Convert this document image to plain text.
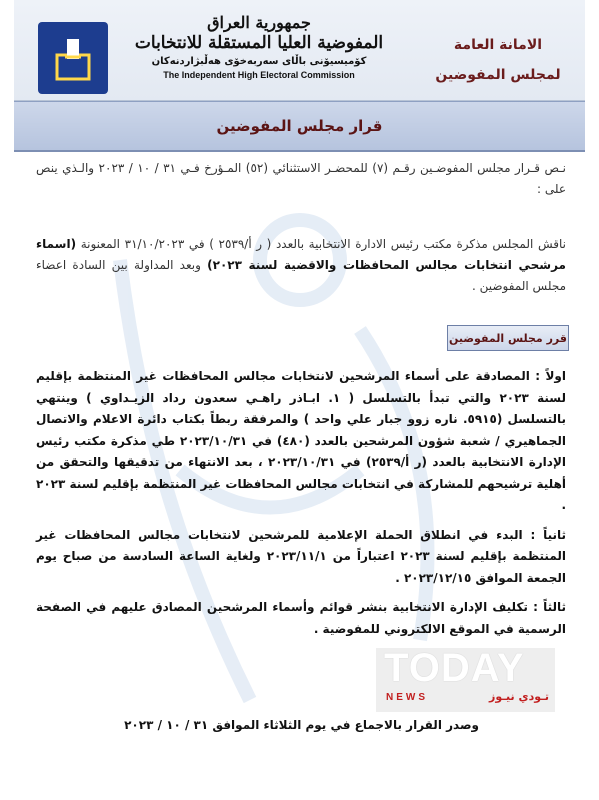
جمهورية العراق
المفوضية العليا المستقلة للانتخابات
کۆمیسیۆنی باڵای سەربەخۆی هەڵبژاردنەکان
The Independent High Electoral Commission
الامانة العامة
لمجلس المفوضين
قرار مجلس المفوضين
نـص قـرار مجلس المفوضـين رقـم (٧) للمحضـر الاستثنائي (٥٢) المـؤرخ فـي ٣١ / ١٠ / ٢٠٢٣ والـذي ينص على :
ناقش المجلس مذكرة مكتب رئيس الادارة الانتخابية بالعدد ( ر أ/٢٥٣٩ ) في ٣١/١٠/٢٠٢٣ المعنونة (اسماء مرشحي انتخابات مجالس المحافظات والاقضية لسنة ٢٠٢٣) وبعد المداولة بين السادة اعضاء مجلس المفوضين .
قرر مجلس المفوضين

اولاً : المصادقة على أسماء المرشحين لانتخابات مجالس المحافظات غير المنتظمة بإقليم لسنة ٢٠٢٣ والتي تبدأ بالتسلسل ( ١. ابـاذر راهـي سعدون رداد الزيـداوي ) وينتهي بالتسلسل (٥٩١٥. ناره زوو جبار علي واحد ) والمرفقة ربطاً بكتاب دائرة الاعلام والاتصال الجماهيري / شعبة شؤون المرشحين بالعدد (٤٨٠) في ٢٠٢٣/١٠/٣١ طي مذكرة مكتب رئيس الإدارة الانتخابية بالعدد (ر أ/٢٥٣٩) في ٢٠٢٣/١٠/٣١ ، بعد الانتهاء من تدقيقها والتحقق من أهلية ترشيحهم للمشاركة في انتخابات مجالس المحافظات غير المنتظمة بإقليم لسنة ٢٠٢٣ .

ثانياً : البدء في انطلاق الحملة الإعلامية للمرشحين لانتخابات مجالس المحافظات غير المنتظمة بإقليم لسنة ٢٠٢٣ اعتباراً من ٢٠٢٣/١١/١ ولغاية الساعة السادسة من صباح يوم الجمعة الموافق ٢٠٢٣/١٢/١٥ .

ثالثاً : تكليف الإدارة الانتخابية بنشر قوائم وأسماء المرشحين المصادق عليهم في الصفحة الرسمية في الموقع الالكتروني للمفوضية .

TODAY
NEWS	تـودي نيـوز
وصدر القرار بالاجماع في يوم الثلاثاء الموافق ٣١ / ١٠ / ٢٠٢٣
